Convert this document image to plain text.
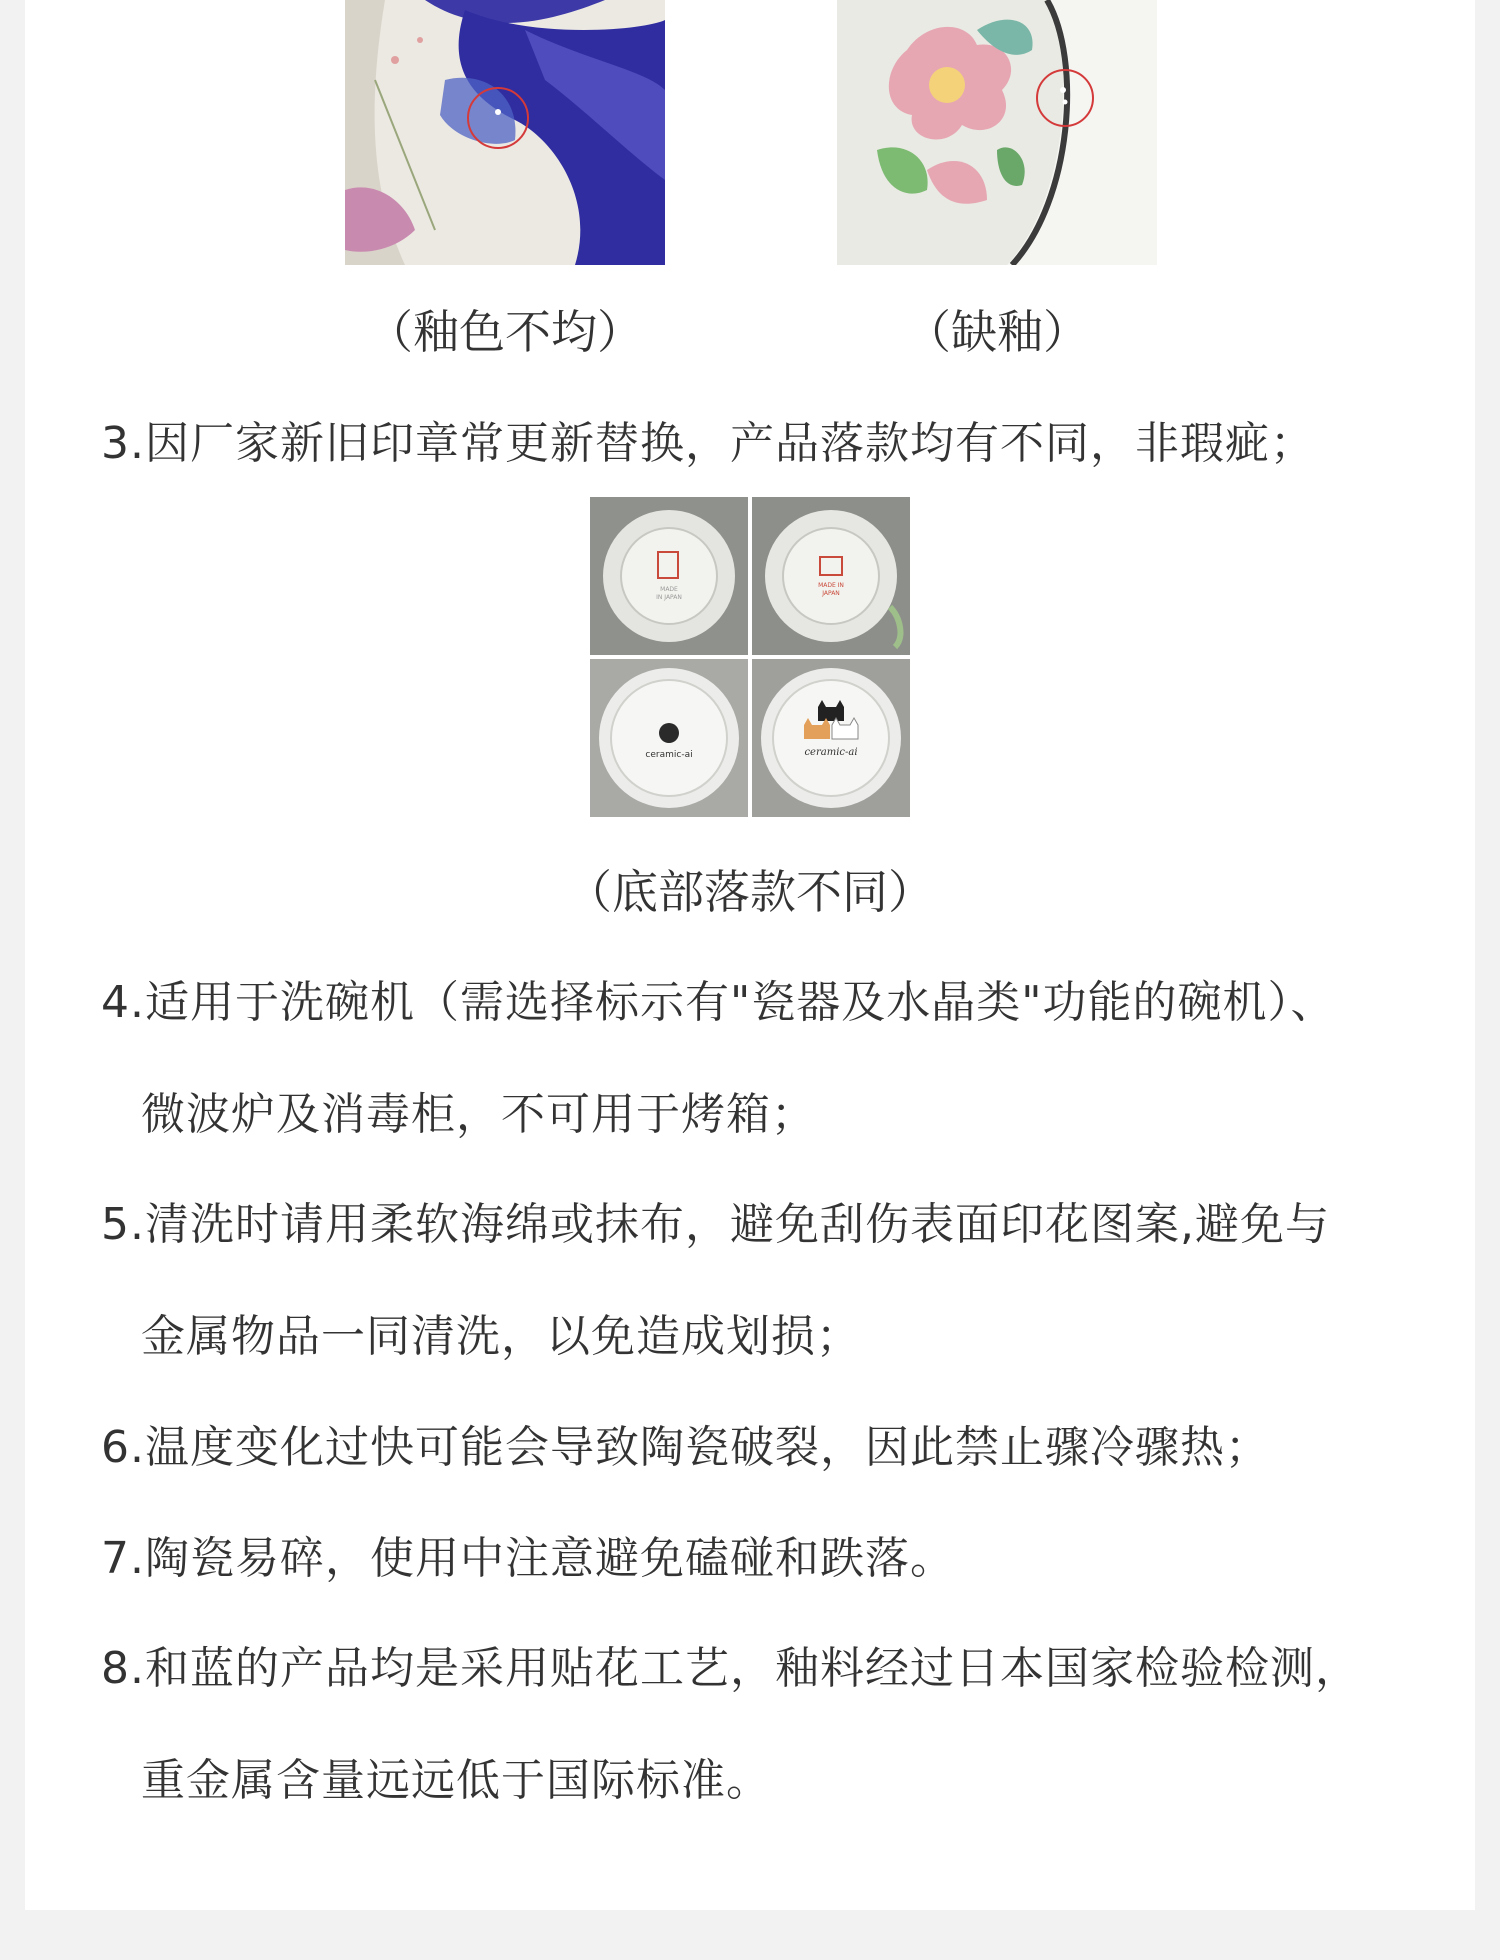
（釉色不均）	（缺釉）
3.因厂家新旧印章常更新替换，产品落款均有不同，非瑕疵；
MADE
IN JAPAN
MADE IN
JAPAN
ceramic-ai	ceramic-ai
（底部落款不同）
4.适用于洗碗机（需选择标示有"瓷器及水晶类"功能的碗机）、
微波炉及消毒柜，不可用于烤箱；
5.清洗时请用柔软海绵或抹布，避免刮伤表面印花图案,避免与
金属物品一同清洗，以免造成划损；
6.温度变化过快可能会导致陶瓷破裂，因此禁止骤冷骤热；
7.陶瓷易碎，使用中注意避免磕碰和跌落。
8.和蓝的产品均是采用贴花工艺，釉料经过日本国家检验检测，
重金属含量远远低于国际标准。
